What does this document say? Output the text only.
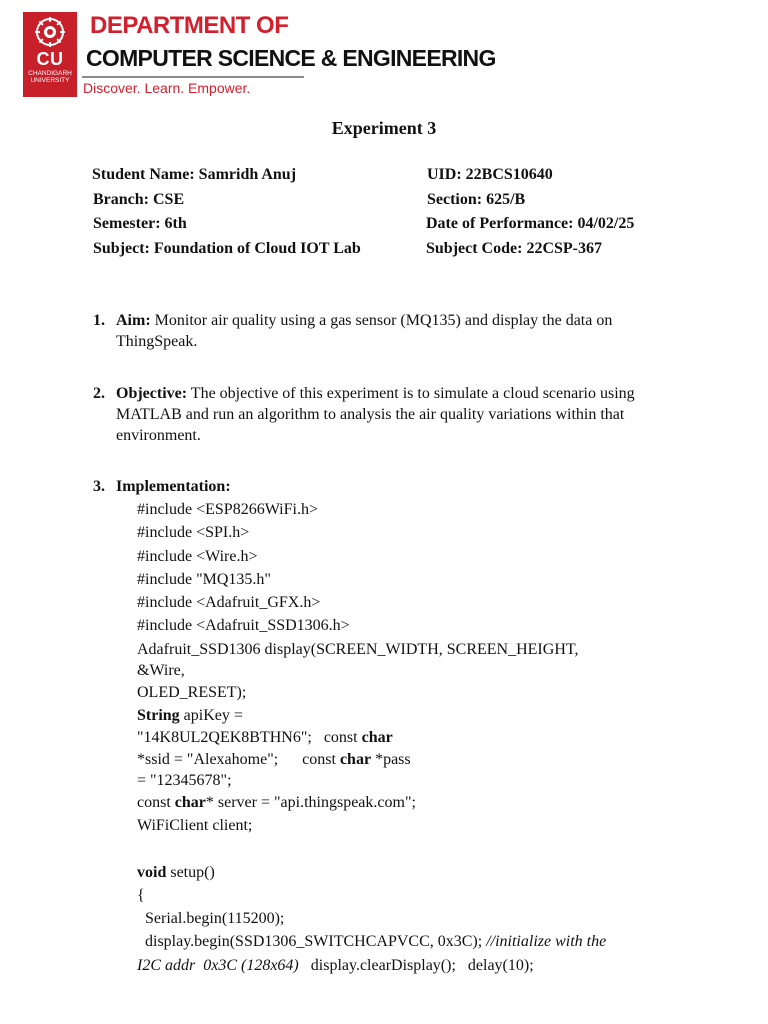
CU
CHANDIGARH UNIVERSITY
DEPARTMENT OF
COMPUTER SCIENCE & ENGINEERING
Discover. Learn. Empower.
Experiment 3
Student Name: Samridh Anuj	UID: 22BCS10640
Branch: CSE	Section: 625/B
Semester: 6th	Date of Performance: 04/02/25
Subject: Foundation of Cloud IOT Lab	Subject Code: 22CSP-367
1. Aim: Monitor air quality using a gas sensor (MQ135) and display the data on ThingSpeak.
2. Objective: The objective of this experiment is to simulate a cloud scenario using MATLAB and run an algorithm to analysis the air quality variations within that environment.
3. Implementation:
#include <ESP8266WiFi.h>
#include <SPI.h>
#include <Wire.h>
#include "MQ135.h"
#include <Adafruit_GFX.h>
#include <Adafruit_SSD1306.h>
Adafruit_SSD1306 display(SCREEN_WIDTH, SCREEN_HEIGHT,
&Wire,
OLED_RESET);
String apiKey =
"14K8UL2QEK8BTHN6";   const char
*ssid = "Alexahome";      const char *pass
= "12345678";
const char* server = "api.thingspeak.com";
WiFiClient client;

void setup()
{
Serial.begin(115200);
display.begin(SSD1306_SWITCHCAPVCC, 0x3C); //initialize with the
I2C addr  0x3C (128x64)   display.clearDisplay();   delay(10);
